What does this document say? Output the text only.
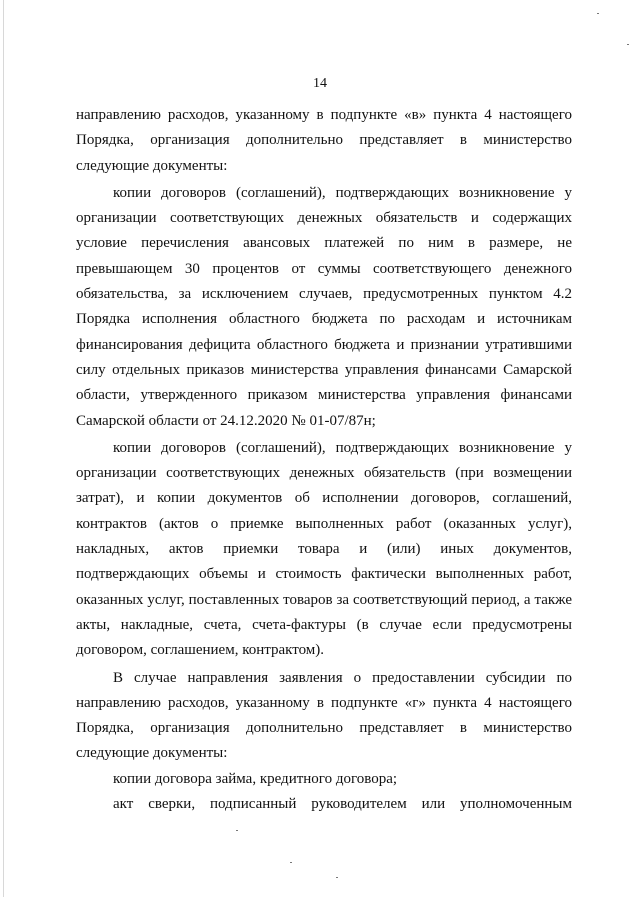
14

направлению расходов, указанному в подпункте «в» пункта 4 настоящего Порядка, организация дополнительно представляет в министерство следующие документы:

копии договоров (соглашений), подтверждающих возникновение у организации соответствующих денежных обязательств и содержащих условие перечисления авансовых платежей по ним в размере, не превышающем 30 процентов от суммы соответствующего денежного обязательства, за исключением случаев, предусмотренных пунктом 4.2 Порядка исполнения областного бюджета по расходам и источникам финансирования дефицита областного бюджета и признании утратившими силу отдельных приказов министерства управления финансами Самарской области, утвержденного приказом министерства управления финансами Самарской области от 24.12.2020 № 01-07/87н;

копии договоров (соглашений), подтверждающих возникновение у организации соответствующих денежных обязательств (при возмещении затрат), и копии документов об исполнении договоров, соглашений, контрактов (актов о приемке выполненных работ (оказанных услуг), накладных, актов приемки товара и (или) иных документов, подтверждающих объемы и стоимость фактически выполненных работ, оказанных услуг, поставленных товаров за соответствующий период, а также акты, накладные, счета, счета-фактуры (в случае если предусмотрены договором, соглашением, контрактом).

В случае направления заявления о предоставлении субсидии по направлению расходов, указанному в подпункте «г» пункта 4 настоящего Порядка, организация дополнительно представляет в министерство следующие документы:

копии договора займа, кредитного договора;

акт сверки, подписанный руководителем или уполномоченным
